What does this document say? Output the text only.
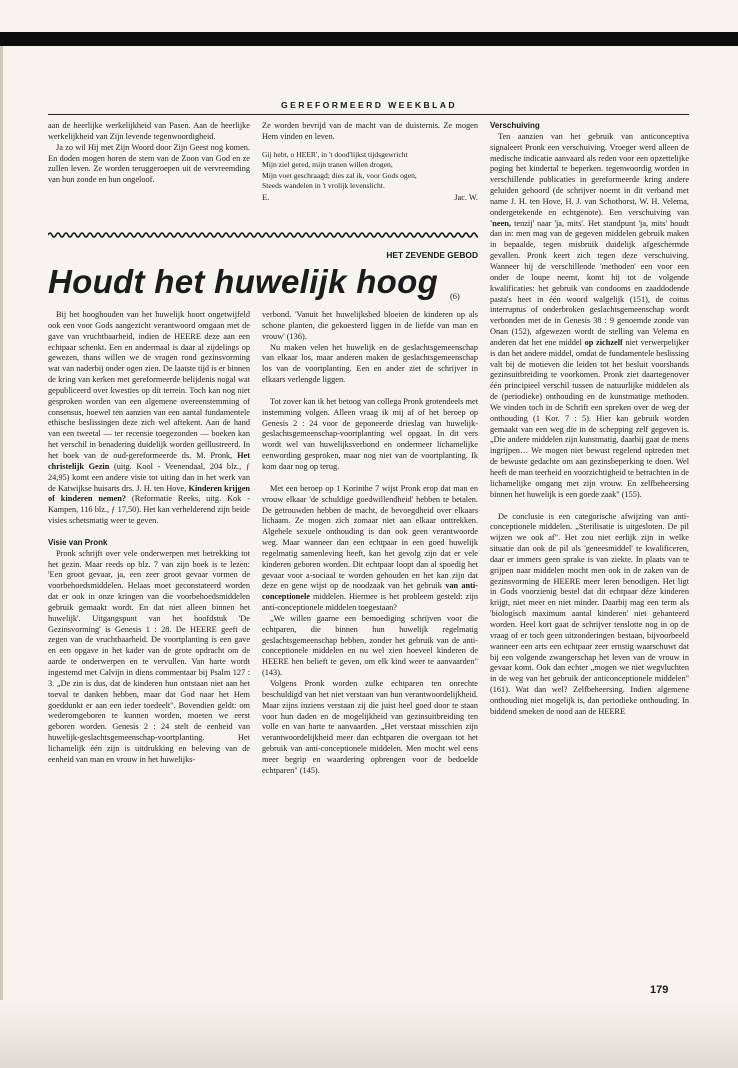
GEREFORMEERD WEEKBLAD

aan de heerlijke werkelijkheid van Pasen. Aan de heerlijke werkelijkheid van Zijn levende tegenwoordigheid.

Ja zo wil Hij met Zijn Woord door Zijn Geest nog komen. En doden mogen horen de stem van de Zoon van God en ze zullen leven. Ze worden teruggeroepen uit de vervreemding van hun zonde en hun ongeloof.

Ze worden bevrijd van de macht van de duisternis. Ze mogen Hem vinden en leven.

Gij hebt, o HEER', in 't dood'lijkst tijdsgewricht
Mijn ziel gered, mijn tranen willen drogen,
Mijn voet geschraagd; dies zal ik, voor Gods ogen,
Steeds wandelen in 't vrolijk levenslicht.
E.	Jac. W.
HET ZEVENDE GEBOD
Houdt het huwelijk hoog (6)

Bij het hooghouden van het huwelijk hoort ongetwijfeld ook een voor Gods aangezicht verantwoord omgaan met de gave van vruchtbaarheid, indien de HEERE deze aan een echtpaar schenkt. Een en andermaal is daar al zijdelings op gewezen, thans willen we de vragen rond gezinsvorming wat van naderbij onder ogen zien. De laatste tijd is er binnen de kring van kerken met gereformeerde belijdenis nogal wat gepubliceerd over kwesties op dit terrein. Toch kan nog niet gesproken worden van een algemene overeenstemming of consensus, hoewel ten aanzien van een aantal fundamentele ethische beslissingen deze zich wel aftekent. Aan de hand van een tweetal — ter recensie toegezonden — boeken kan het verschil in benadering duidelijk worden geïllustreerd. In het boek van de oud-gereformeerde ds. M. Pronk, Het christelijk Gezin (uitg. Kool - Veenendaal, 204 blz., ƒ 24,95) komt een andere visie tot uiting dan in het werk van de Katwijkse huisarts drs. J. H. ten Hove, Kinderen krijgen of kinderen nemen? (Reformatie Reeks, uitg. Kok - Kampen, 116 blz., ƒ 17,50). Het kan verhelderend zijn beide visies schetsmatig weer te geven.

Visie van Pronk

Pronk schrijft over vele onderwerpen met betrekking tot het gezin. Maar reeds op blz. 7 van zijn boek is te lezen: 'Een groot gevaar, ja, een zeer groot gevaar vormen de voorbehoedsmiddelen. Helaas moet geconstateerd worden dat er ook in onze kringen van die voorbehoedsmiddelen gebruik gemaakt wordt. En dat niet alleen binnen het huwelijk'. Uitgangspunt van het hoofdstuk 'De Gezinsvorming' is Genesis 1 : 28. De HEERE geeft de zegen van de vruchtbaarheid. De voortplanting is een gave en een opgave in het kader van de grote opdracht om de aarde te onderwerpen en te vervullen. Van harte wordt ingestemd met Calvijn in diens commentaar bij Psalm 127 : 3. „De zin is dus, dat de kinderen hun ontstaan niet aan het toeval te danken hebben, maar dat God naar het Hem goeddunkt er aan een ieder toedeelt". Bovendien geldt: om wederomgeboren te kunnen worden, moeten we eerst geboren worden. Genesis 2 : 24 stelt de eenheid van huwelijk-geslachtsgemeenschap-voortplanting. Het lichamelijk één zijn is uitdrukking en beleving van de eenheid van man en vrouw in het huwelijks-

verbond. 'Vanuit het huwelijksbed bloeien de kinderen op als schone planten, die gekoesterd liggen in de liefde van man en vrouw' (136).

Nu maken velen het huwelijk en de geslachtsgemeenschap van elkaar los, maar anderen maken de geslachtsgemeenschap los van de voortplanting. Een en ander ziet de schrijver in elkaars verlengde liggen.

Tot zover kan ik het betoog van collega Pronk grotendeels met instemming volgen. Alleen vraag ik mij af of het beroep op Genesis 2 : 24 voor de geponeerde drieslag van huwelijk-geslachtsgemeenschap-voortplanting wel opgaat. In dit vers wordt wel van huwelijksverbond en ondermeer lichamelijke eenwording gesproken, maar nog niet van de voortplanting. Ik kom daar nog op terug.

Met een beroep op 1 Korinthe 7 wijst Pronk erop dat man en vrouw elkaar 'de schuldige goedwillendheid' hebben te betalen. De getrouwden hebben de macht, de bevoegdheid over elkaars lichaam. Ze mogen zich zomaar niet aan elkaar onttrekken. Algehele sexuele onthouding is dan ook geen verantwoorde weg. Maar wanneer dan een echtpaar in een goed huwelijk regelmatig samenleving heeft, kan het gevolg zijn dat er vele kinderen geboren worden. Dit echtpaar loopt dan al spoedig het gevaar voor a-sociaal te worden gehouden en het kan zijn dat deze en gene wijst op de noodzaak van het gebruik van anti-conceptionele middelen. Hiermee is het probleem gesteld: zijn anti-conceptionele middelen toegestaan?

„We willen gaarne een bemoediging schrijven voor die echtparen, die binnen hun huwelijk regelmatig geslachtsgemeenschap hebben, zonder het gebruik van de anti-conceptionele middelen en nu wel zien hoeveel kinderen de HEERE hen belieft te geven, om elk kind weer te aanvaarden" (143).

Volgens Pronk worden zulke echtparen ten onrechte beschuldigd van het niet verstaan van hun verantwoordelijkheid. Maar zijns inziens verstaan zij die juist heel goed door te staan voor hun daden en de mogelijkheid van gezinsuitbreiding ten volle en van harte te aanvaarden. „Het verstaat misschien zijn verantwoordelijkheid meer dan echtparen die overgaan tot het gebruik van anti-conceptionele middelen. Men mocht wel eens meer begrip en waardering opbrengen voor de bedoelde echtparen" (145).

Verschuiving

Ten aanzien van het gebruik van anticonceptiva signaleert Pronk een verschuiving. Vroeger werd alleen de medische indicatie aanvaard als reden voor een opzettelijke poging het kindertal te beperken. tegenwoordig worden in verschillende publicaties in gereformeerde kring andere geluiden gehoord (de schrijver noemt in dit verband met name J. H. ten Hove, H. J. van Schothorst, W. H. Velema, ondergetekende en echtgenote). Een verschuiving van 'neen, tenzij' naar 'ja, mits'. Het standpunt 'ja, mits' houdt dan in: men mag van de gegeven middelen gebruik maken in bepaalde, tegen misbruik duidelijk afgeschermde gevallen. Pronk keert zich tegen deze verschuiving. Wanneer hij de verschillende 'methoden' een voor een onder de loupe neemt, komt hij tot de volgende kwalificaties: het gebruik van condooms en zaaddodende pasta's heet in één woord walgelijk (151), de coitus interruptus of onderbroken geslachtsgemeenschap wordt verbonden met de in Genesis 38 : 9 genoemde zonde van Onan (152), afgewezen wordt de stelling van Velema en anderen dat het ene middel op zichzelf niet verwerpelijker is dan het andere middel, omdat de fundamentele beslissing valt bij de motieven die leiden tot het besluit voorshands gezinsuitbreiding te voorkomen. Pronk ziet daartegenover één principieel verschil tussen de natuurlijke middelen als de (periodieke) onthouding en de kunstmatige methoden. We vinden toch in de Schrift een spreken over de weg der onthouding (1 Kor. 7 : 5). Hier kan gebruik worden gemaakt van een weg die in de schepping zelf gegeven is. „Die andere middelen zijn kunstmatig, daarbij gaat de mens ingrijpen… We mogen niet bewust regelend optreden met de bewuste gedachte om aan gezinsbeperking te doen. Wel heeft de man teerheid en voorzichtigheid te betrachten in de lichamelijke omgang met zijn vrouw. En zelfbeheersing binnen het huwelijk is een goede zaak" (155).

De conclusie is een categorische afwijzing van anti-conceptionele middelen. „Sterilisatie is uitgesloten. De pil wijzen we ook af". Het zou niet eerlijk zijn in welke situatie dan ook de pil als 'geneesmiddel' te kwalificeren, daar er immers geen sprake is van ziekte. In plaats van te grijpen naar middelen mocht men ook in de zaken van de gezinsvorming de HEERE meer leren benodigen. Het ligt in Gods voorzienig bestel dat dit echtpaar déze kinderen krijgt, niet meer en niet minder. Daarbij mag een term als 'biologisch maximum aantal kinderen' niet gehanteerd worden. Heel kort gaat de schrijver tenslotte nog in op de vraag of er toch geen uitzonderingen bestaan, bijvoorbeeld wanneer een arts een echtpaar zeer ernstig waarschuwt dat bij een volgende zwangerschap het leven van de vrouw in gevaar komt. Ook dan echter „mogen we niet wegvluchten in de weg van het gebruik der anticonceptionele middelen" (161). Wat dan wel? Zelfbeheersing. Indien algemene onthouding niet mogelijk is, dan periodieke onthouding. In biddend smeken de nood aan de HEERE

179
